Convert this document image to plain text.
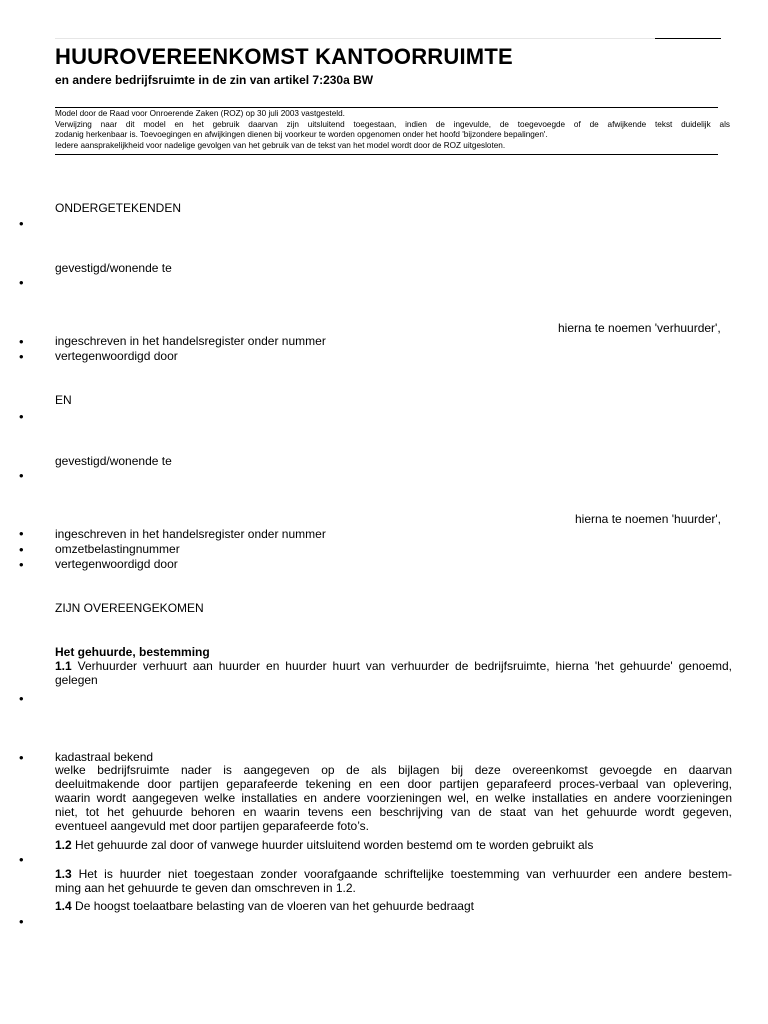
HUUROVEREENKOMST KANTOORRUIMTE
en andere bedrijfsruimte in de zin van artikel 7:230a BW
Model door de Raad voor Onroerende Zaken (ROZ) op 30 juli 2003 vastgesteld.
Verwijzing naar dit model en het gebruik daarvan zijn uitsluitend toegestaan, indien de ingevulde, de toegevoegde of de afwijkende tekst duidelijk als
zodanig herkenbaar is. Toevoegingen en afwijkingen dienen bij voorkeur te worden opgenomen onder het hoofd 'bijzondere bepalingen'.
Iedere aansprakelijkheid voor nadelige gevolgen van het gebruik van de tekst van het model wordt door de ROZ uitgesloten.
ONDERGETEKENDEN
•
gevestigd/wonende te
•
hierna te noemen 'verhuurder',
•	ingeschreven in het handelsregister onder nummer
•	vertegenwoordigd door
EN
•
gevestigd/wonende te
•
hierna te noemen 'huurder',
•	ingeschreven in het handelsregister onder nummer
•	omzetbelastingnummer
•	vertegenwoordigd door
ZIJN OVEREENGEKOMEN
Het gehuurde, bestemming
1.1 Verhuurder verhuurt aan huurder en huurder huurt van verhuurder de bedrijfsruimte, hierna 'het gehuurde' genoemd,
gelegen
•
•	kadastraal bekend
welke bedrijfsruimte nader is aangegeven op de als bijlagen bij deze overeenkomst gevoegde en daarvan
deeluitmakende door partijen geparafeerde tekening en een door partijen geparafeerd proces-verbaal van oplevering,
waarin wordt aangegeven welke installaties en andere voorzieningen wel, en welke installaties en andere voorzieningen
niet, tot het gehuurde behoren en waarin tevens een beschrijving van de staat van het gehuurde wordt gegeven,
eventueel aangevuld met door partijen geparafeerde foto’s.
1.2 Het gehuurde zal door of vanwege huurder uitsluitend worden bestemd om te worden gebruikt als
•
1.3 Het is huurder niet toegestaan zonder voorafgaande schriftelijke toestemming van verhuurder een andere bestem-
ming aan het gehuurde te geven dan omschreven in 1.2.
1.4 De hoogst toelaatbare belasting van de vloeren van het gehuurde bedraagt
•
